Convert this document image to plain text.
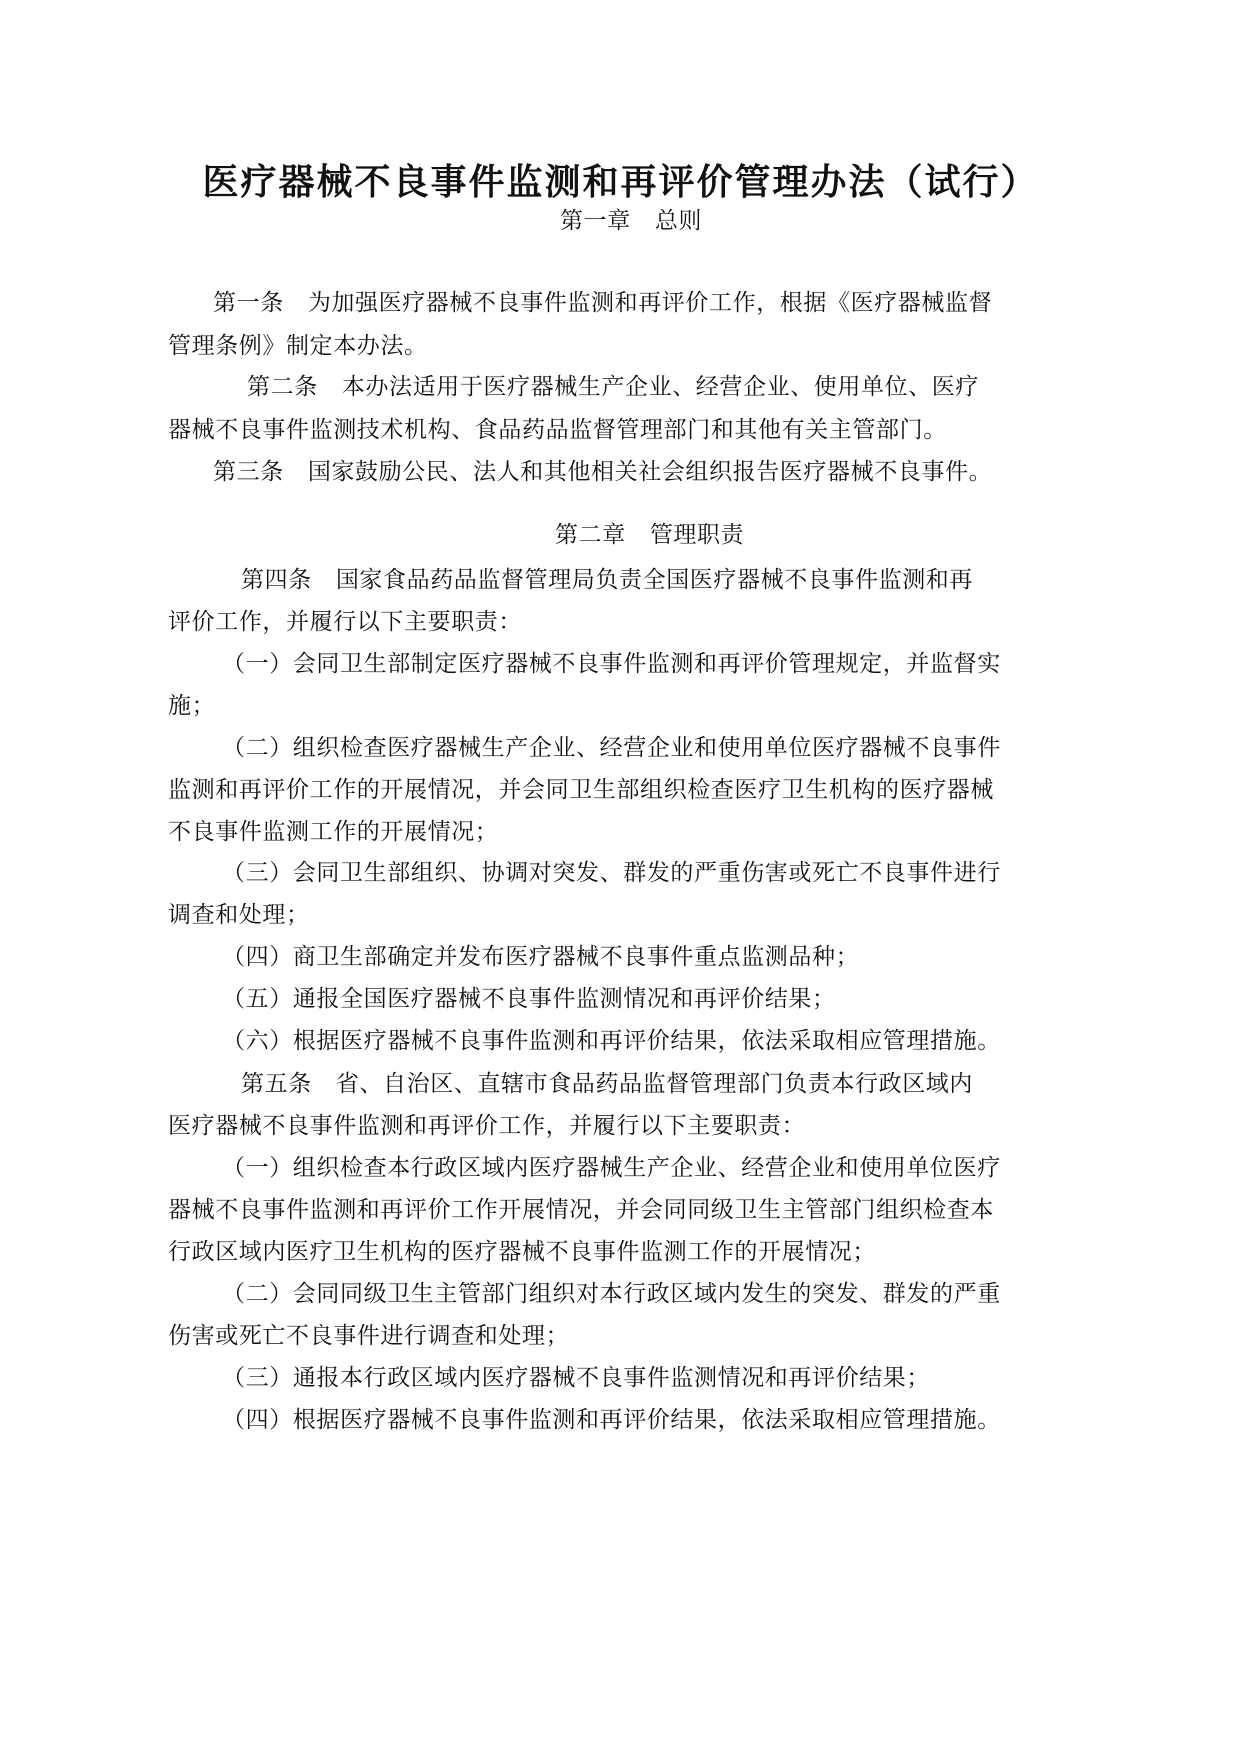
医疗器械不良事件监测和再评价管理办法（试行）
第一章 总则
第一条 为加强医疗器械不良事件监测和再评价工作，根据《医疗器械监督
管理条例》制定本办法。
第二条 本办法适用于医疗器械生产企业、经营企业、使用单位、医疗
器械不良事件监测技术机构、食品药品监督管理部门和其他有关主管部门。
第三条 国家鼓励公民、法人和其他相关社会组织报告医疗器械不良事件。
第二章 管理职责
第四条 国家食品药品监督管理局负责全国医疗器械不良事件监测和再
评价工作，并履行以下主要职责：
（一）会同卫生部制定医疗器械不良事件监测和再评价管理规定，并监督实
施；
（二）组织检查医疗器械生产企业、经营企业和使用单位医疗器械不良事件
监测和再评价工作的开展情况，并会同卫生部组织检查医疗卫生机构的医疗器械
不良事件监测工作的开展情况；
（三）会同卫生部组织、协调对突发、群发的严重伤害或死亡不良事件进行
调查和处理；
（四）商卫生部确定并发布医疗器械不良事件重点监测品种；
（五）通报全国医疗器械不良事件监测情况和再评价结果；
（六）根据医疗器械不良事件监测和再评价结果，依法采取相应管理措施。
第五条 省、自治区、直辖市食品药品监督管理部门负责本行政区域内
医疗器械不良事件监测和再评价工作，并履行以下主要职责：
（一）组织检查本行政区域内医疗器械生产企业、经营企业和使用单位医疗
器械不良事件监测和再评价工作开展情况，并会同同级卫生主管部门组织检查本
行政区域内医疗卫生机构的医疗器械不良事件监测工作的开展情况；
（二）会同同级卫生主管部门组织对本行政区域内发生的突发、群发的严重
伤害或死亡不良事件进行调查和处理；
（三）通报本行政区域内医疗器械不良事件监测情况和再评价结果；
（四）根据医疗器械不良事件监测和再评价结果，依法采取相应管理措施。
